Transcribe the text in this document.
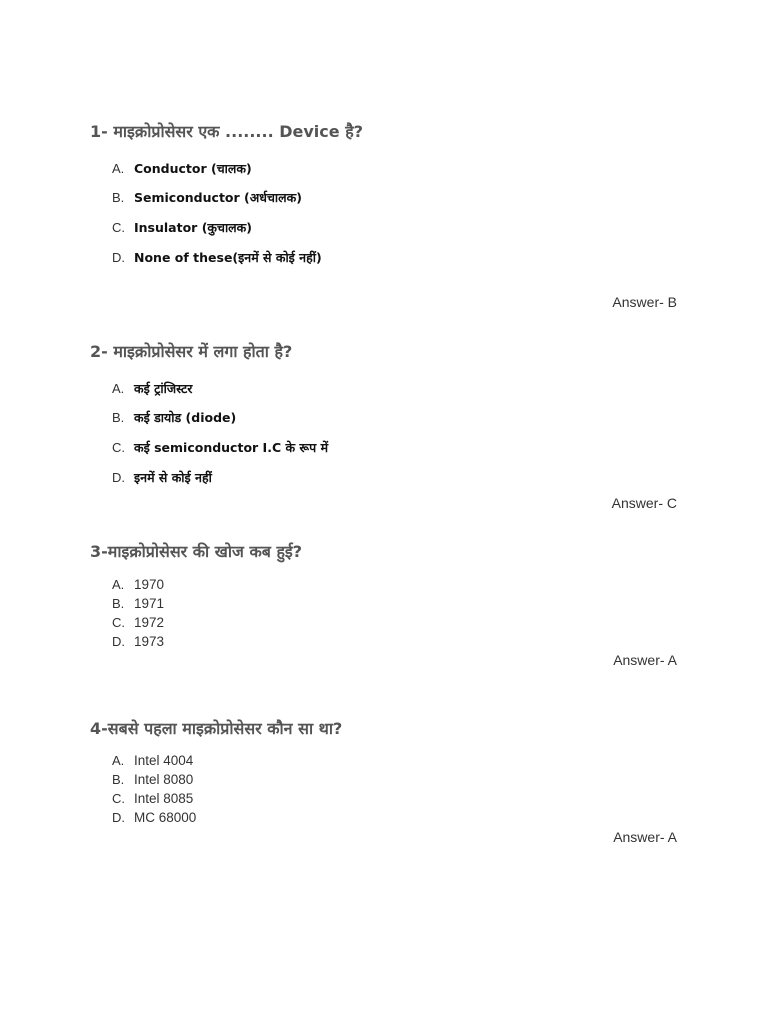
1- माइक्रोप्रोसेसर एक ........ Device है?
A. Conductor (चालक)
B. Semiconductor (अर्धचालक)
C. Insulator (कुचालक)
D. None of these(इनमें से कोई नहीं)
Answer- B
2- माइक्रोप्रोसेसर में लगा होता है?
A. कई ट्रांजिस्टर
B. कई डायोड (diode)
C. कई semiconductor I.C के रूप में
D. इनमें से कोई नहीं
Answer- C
3-माइक्रोप्रोसेसर की खोज कब हुई?
A. 1970
B. 1971
C. 1972
D. 1973
Answer- A
4-सबसे पहला माइक्रोप्रोसेसर कौन सा था?
A. Intel 4004
B. Intel 8080
C. Intel 8085
D. MC 68000
Answer- A
